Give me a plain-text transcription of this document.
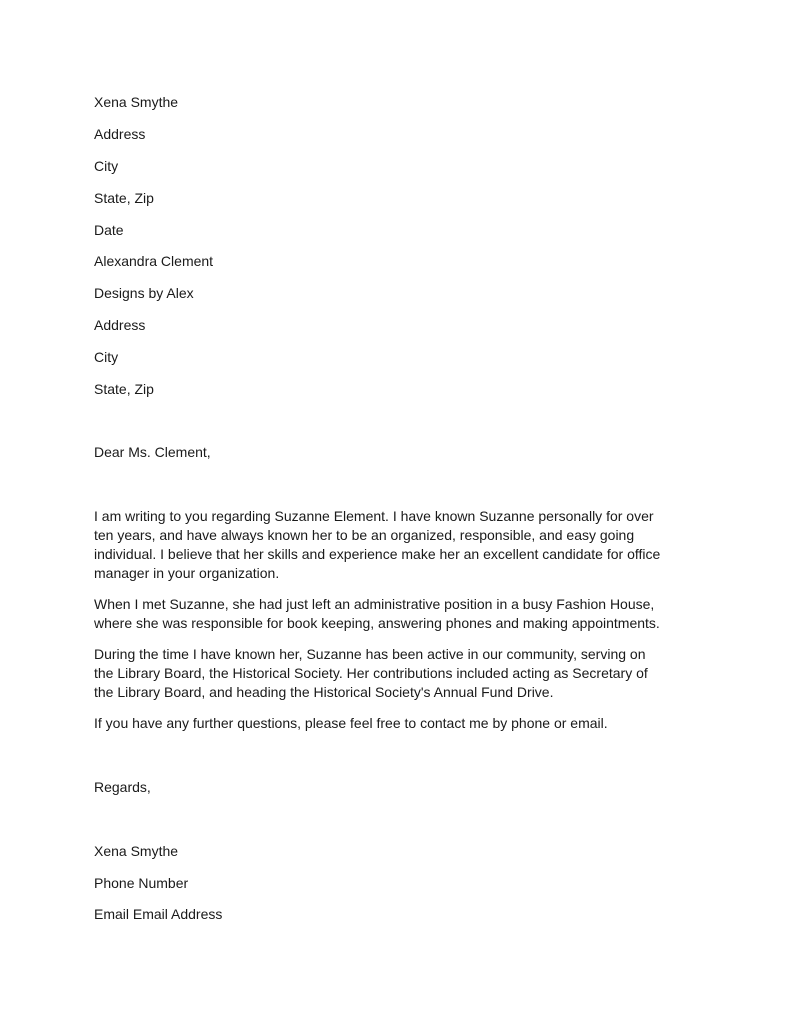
Xena Smythe
Address
City
State, Zip
Date
Alexandra Clement
Designs by Alex
Address
City
State, Zip
Dear Ms. Clement,
I am writing to you regarding Suzanne Element. I have known Suzanne personally for over
ten years, and have always known her to be an organized, responsible, and easy going
individual. I believe that her skills and experience make her an excellent candidate for office
manager in your organization.
When I met Suzanne, she had just left an administrative position in a busy Fashion House,
where she was responsible for book keeping, answering phones and making appointments.
During the time I have known her, Suzanne has been active in our community, serving on
the Library Board, the Historical Society. Her contributions included acting as Secretary of
the Library Board, and heading the Historical Society's Annual Fund Drive.
If you have any further questions, please feel free to contact me by phone or email.
Regards,
Xena Smythe
Phone Number
Email Email Address
